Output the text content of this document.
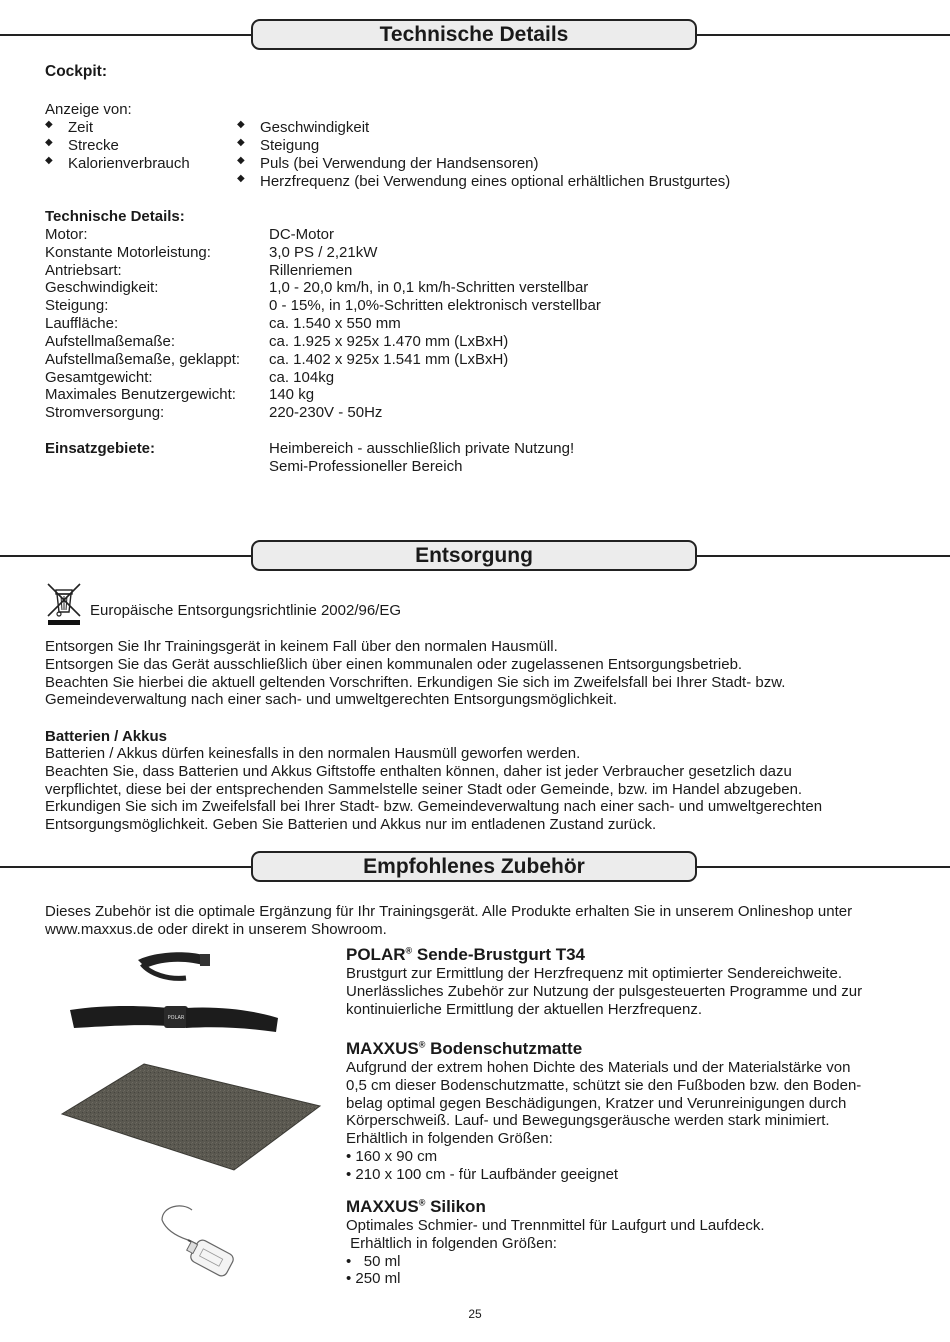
Technische Details
Cockpit:
Anzeige von:
◆ Zeit
◆ Strecke
◆ Kalorienverbrauch
◆ Geschwindigkeit
◆ Steigung
◆ Puls (bei Verwendung der Handsensoren)
◆ Herzfrequenz (bei Verwendung eines optional erhältlichen Brustgurtes)
Technische Details:
Motor:	DC-Motor
Konstante Motorleistung:	3,0 PS / 2,21kW
Antriebsart:	Rillenriemen
Geschwindigkeit:	1,0 - 20,0 km/h, in 0,1 km/h-Schritten verstellbar
Steigung:	0 - 15%, in 1,0%-Schritten elektronisch verstellbar
Lauffläche:	ca. 1.540 x 550 mm
Aufstellmaßemaße:	ca. 1.925 x 925x 1.470 mm (LxBxH)
Aufstellmaßemaße, geklappt: ca. 1.402 x 925x 1.541 mm (LxBxH)
Gesamtgewicht:	ca. 104kg
Maximales Benutzergewicht: 140 kg
Stromversorgung:	220-230V - 50Hz
Einsatzgebiete:	Heimbereich - ausschließlich private Nutzung!
Semi-Professioneller Bereich
Entsorgung
Europäische Entsorgungsrichtlinie 2002/96/EG
Entsorgen Sie Ihr Trainingsgerät in keinem Fall über den normalen Hausmüll.
Entsorgen Sie das Gerät ausschließlich über einen kommunalen oder zugelassenen Entsorgungsbetrieb.
Beachten Sie hierbei die aktuell geltenden Vorschriften. Erkundigen Sie sich im Zweifelsfall bei Ihrer Stadt- bzw.
Gemeindeverwaltung nach einer sach- und umweltgerechten Entsorgungsmöglichkeit.
Batterien / Akkus
Batterien / Akkus dürfen keinesfalls in den normalen Hausmüll geworfen werden.
Beachten Sie, dass Batterien und Akkus Giftstoffe enthalten können, daher ist jeder Verbraucher gesetzlich dazu
verpflichtet, diese bei der entsprechenden Sammelstelle seiner Stadt oder Gemeinde, bzw. im Handel abzugeben.
Erkundigen Sie sich im Zweifelsfall bei Ihrer Stadt- bzw. Gemeindeverwaltung nach einer sach- und umweltgerechten
Entsorgungsmöglichkeit. Geben Sie Batterien und Akkus nur im entladenen Zustand zurück.
Empfohlenes Zubehör
Dieses Zubehör ist die optimale Ergänzung für Ihr Trainingsgerät. Alle Produkte erhalten Sie in unserem Onlineshop unter
www.maxxus.de oder direkt in unserem Showroom.
POLAR
POLAR® Sende-Brustgurt T34
Brustgurt zur Ermittlung der Herzfrequenz mit optimierter Sendereichweite.
Unerlässliches Zubehör zur Nutzung der pulsgesteuerten Programme und zur
kontinuierliche Ermittlung der aktuellen Herzfrequenz.
MAXXUS® Bodenschutzmatte
Aufgrund der extrem hohen Dichte des Materials und der Materialstärke von
0,5 cm dieser Bodenschutzmatte, schützt sie den Fußboden bzw. den Boden-
belag optimal gegen Beschädigungen, Kratzer und Verunreinigungen durch
Körperschweiß. Lauf- und Bewegungsgeräusche werden stark minimiert.
Erhältlich in folgenden Größen:
• 160 x 90 cm
• 210 x 100 cm - für Laufbänder geeignet
MAXXUS® Silikon
Optimales Schmier- und Trennmittel für Laufgurt und Laufdeck.
Erhältlich in folgenden Größen:
•   50 ml
• 250 ml
25
